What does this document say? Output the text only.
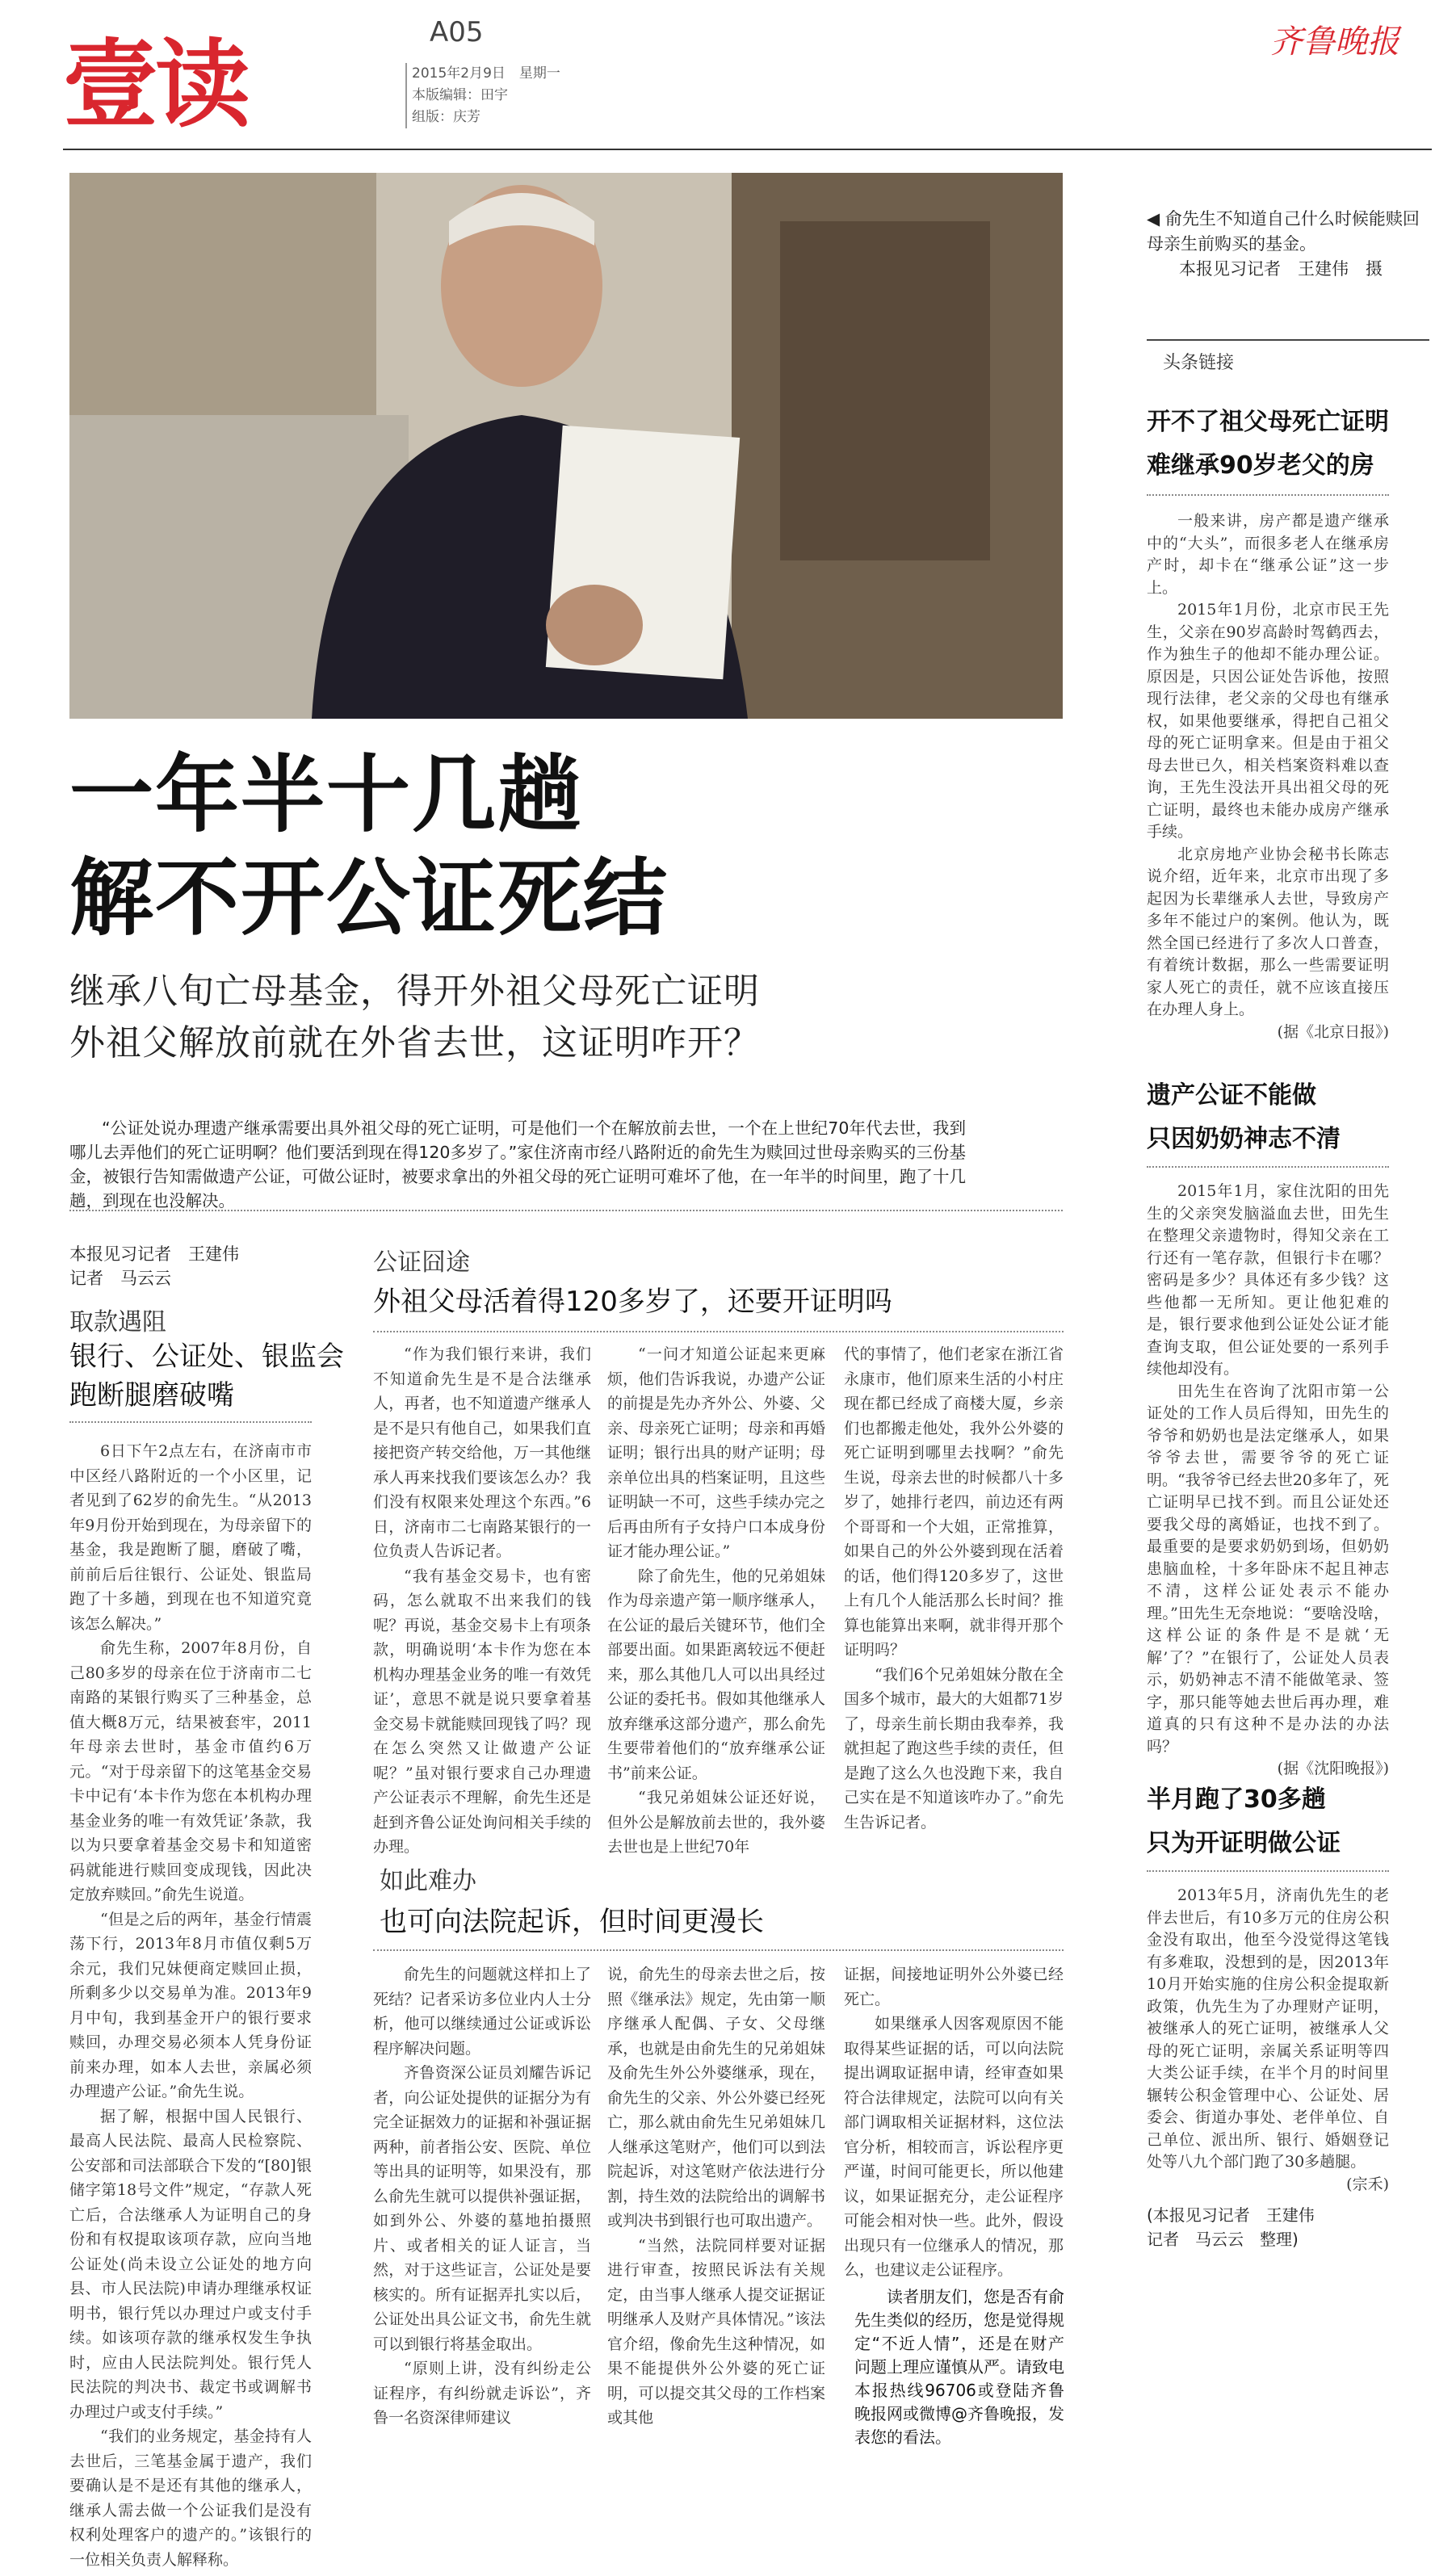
壹读	A05
2015年2月9日　星期一
本版编辑：田宇
组版：庆芳
齐鲁晚报
◀ 俞先生不知道自己什么时候能赎回母亲生前购买的基金。
本报见习记者　王建伟　摄
一年半十几趟
解不开公证死结
继承八旬亡母基金，得开外祖父母死亡证明
外祖父解放前就在外省去世，这证明咋开？
“公证处说办理遗产继承需要出具外祖父母的死亡证明，可是他们一个在解放前去世，一个在上世纪70年代去世，我到哪儿去弄他们的死亡证明啊？他们要活到现在得120多岁了。”家住济南市经八路附近的俞先生为赎回过世母亲购买的三份基金，被银行告知需做遗产公证，可做公证时，被要求拿出的外祖父母的死亡证明可难坏了他，在一年半的时间里，跑了十几趟，到现在也没解决。
本报见习记者　王建伟
记者　马云云
取款遇阻
银行、公证处、银监会
跑断腿磨破嘴

6日下午2点左右，在济南市市中区经八路附近的一个小区里，记者见到了62岁的俞先生。“从2013年9月份开始到现在，为母亲留下的基金，我是跑断了腿，磨破了嘴，前前后后往银行、公证处、银监局跑了十多趟，到现在也不知道究竟该怎么解决。”

俞先生称，2007年8月份，自己80多岁的母亲在位于济南市二七南路的某银行购买了三种基金，总值大概8万元，结果被套牢，2011年母亲去世时，基金市值约6万元。“对于母亲留下的这笔基金交易卡中记有‘本卡作为您在本机构办理基金业务的唯一有效凭证’条款，我以为只要拿着基金交易卡和知道密码就能进行赎回变成现钱，因此决定放弃赎回。”俞先生说道。

“但是之后的两年，基金行情震荡下行，2013年8月市值仅剩5万余元，我们兄妹便商定赎回止损，所剩多少以交易单为准。2013年9月中旬，我到基金开户的银行要求赎回，办理交易必须本人凭身份证前来办理，如本人去世，亲属必须办理遗产公证。”俞先生说。

据了解，根据中国人民银行、最高人民法院、最高人民检察院、公安部和司法部联合下发的“[80]银储字第18号文件”规定，“存款人死亡后，合法继承人为证明自己的身份和有权提取该项存款，应向当地公证处(尚未设立公证处的地方向县、市人民法院)申请办理继承权证明书，银行凭以办理过户或支付手续。如该项存款的继承权发生争执时，应由人民法院判处。银行凭人民法院的判决书、裁定书或调解书办理过户或支付手续。”

“我们的业务规定，基金持有人去世后，三笔基金属于遗产，我们要确认是不是还有其他的继承人，继承人需去做一个公证我们是没有权利处理客户的遗产的。”该银行的一位相关负责人解释称。

公证囧途
外祖父母活着得120多岁了，还要开证明吗

“作为我们银行来讲，我们不知道俞先生是不是合法继承人，再者，也不知道遗产继承人是不是只有他自己，如果我们直接把资产转交给他，万一其他继承人再来找我们要该怎么办？我们没有权限来处理这个东西。”6日，济南市二七南路某银行的一位负责人告诉记者。

“我有基金交易卡，也有密码，怎么就取不出来我们的钱呢？再说，基金交易卡上有项条款，明确说明‘本卡作为您在本机构办理基金业务的唯一有效凭证’，意思不就是说只要拿着基金交易卡就能赎回现钱了吗？现在怎么突然又让做遗产公证呢？”虽对银行要求自己办理遗产公证表示不理解，俞先生还是赶到齐鲁公证处询问相关手续的办理。

“一问才知道公证起来更麻烦，他们告诉我说，办遗产公证的前提是先办齐外公、外婆、父亲、母亲死亡证明；母亲和再婚证明；银行出具的财产证明；母亲单位出具的档案证明，且这些证明缺一不可，这些手续办完之后再由所有子女持户口本成身份证才能办理公证。”

除了俞先生，他的兄弟姐妹作为母亲遗产第一顺序继承人，在公证的最后关键环节，他们全部要出面。如果距离较远不便赶来，那么其他几人可以出具经过公证的委托书。假如其他继承人放弃继承这部分遗产，那么俞先生要带着他们的“放弃继承公证书”前来公证。

“我兄弟姐妹公证还好说，但外公是解放前去世的，我外婆去世也是上世纪70年

代的事情了，他们老家在浙江省永康市，他们原来生活的小村庄现在都已经成了商楼大厦，乡亲们也都搬走他处，我外公外婆的死亡证明到哪里去找啊？”俞先生说，母亲去世的时候都八十多岁了，她排行老四，前边还有两个哥哥和一个大姐，正常推算，如果自己的外公外婆到现在活着的话，他们得120多岁了，这世上有几个人能活那么长时间？推算也能算出来啊，就非得开那个证明吗？

“我们6个兄弟姐妹分散在全国多个城市，最大的大姐都71岁了，母亲生前长期由我奉养，我就担起了跑这些手续的责任，但是跑了这么久也没跑下来，我自己实在是不知道该咋办了。”俞先生告诉记者。

如此难办
也可向法院起诉，但时间更漫长

俞先生的问题就这样扣上了死结？记者采访多位业内人士分析，他可以继续通过公证或诉讼程序解决问题。

齐鲁资深公证员刘耀告诉记者，向公证处提供的证据分为有完全证据效力的证据和补强证据两种，前者指公安、医院、单位等出具的证明等，如果没有，那么俞先生就可以提供补强证据，如到外公、外婆的墓地拍摄照片、或者相关的证人证言，当然，对于这些证言，公证处是要核实的。所有证据弄扎实以后，公证处出具公证文书，俞先生就可以到银行将基金取出。

“原则上讲，没有纠纷走公证程序，有纠纷就走诉讼”，齐鲁一名资深律师建议

说，俞先生的母亲去世之后，按照《继承法》规定，先由第一顺序继承人配偶、子女、父母继承，也就是由俞先生的兄弟姐妹及俞先生外公外婆继承，现在，俞先生的父亲、外公外婆已经死亡，那么就由俞先生兄弟姐妹几人继承这笔财产，他们可以到法院起诉，对这笔财产依法进行分割，持生效的法院给出的调解书或判决书到银行也可取出遗产。

“当然，法院同样要对证据进行审查，按照民诉法有关规定，由当事人继承人提交证据证明继承人及财产具体情况。”该法官介绍，像俞先生这种情况，如果不能提供外公外婆的死亡证明，可以提交其父母的工作档案或其他

证据，间接地证明外公外婆已经死亡。

如果继承人因客观原因不能取得某些证据的话，可以向法院提出调取证据申请，经审查如果符合法律规定，法院可以向有关部门调取相关证据材料，这位法官分析，相较而言，诉讼程序更严谨，时间可能更长，所以他建议，如果证据充分，走公证程序可能会相对快一些。此外，假设出现只有一位继承人的情况，那么，也建议走公证程序。

读者朋友们，您是否有俞先生类似的经历，您是觉得规定“不近人情”，还是在财产问题上理应谨慎从严。请致电本报热线96706或登陆齐鲁晚报网或微博@齐鲁晚报，发表您的看法。
头条链接
开不了祖父母死亡证明
难继承90岁老父的房

一般来讲，房产都是遗产继承中的“大头”，而很多老人在继承房产时，却卡在“继承公证”这一步上。

2015年1月份，北京市民王先生，父亲在90岁高龄时驾鹤西去，作为独生子的他却不能办理公证。原因是，只因公证处告诉他，按照现行法律，老父亲的父母也有继承权，如果他要继承，得把自己祖父母的死亡证明拿来。但是由于祖父母去世已久，相关档案资料难以查询，王先生没法开具出祖父母的死亡证明，最终也未能办成房产继承手续。

北京房地产业协会秘书长陈志说介绍，近年来，北京市出现了多起因为长辈继承人去世，导致房产多年不能过户的案例。他认为，既然全国已经进行了多次人口普查，有着统计数据，那么一些需要证明家人死亡的责任，就不应该直接压在办理人身上。

(据《北京日报》)
遗产公证不能做
只因奶奶神志不清

2015年1月，家住沈阳的田先生的父亲突发脑溢血去世，田先生在整理父亲遗物时，得知父亲在工行还有一笔存款，但银行卡在哪？密码是多少？具体还有多少钱？这些他都一无所知。更让他犯难的是，银行要求他到公证处公证才能查询支取，但公证处要的一系列手续他却没有。

田先生在咨询了沈阳市第一公证处的工作人员后得知，田先生的爷爷和奶奶也是法定继承人，如果爷爷去世，需要爷爷的死亡证明。“我爷爷已经去世20多年了，死亡证明早已找不到。而且公证处还要我父母的离婚证，也找不到了。最重要的是要求奶奶到场，但奶奶患脑血栓，十多年卧床不起且神志不清，这样公证处表示不能办理。”田先生无奈地说：“要啥没啥，这样公证的条件是不是就‘无解’了？”在银行了，公证处人员表示，奶奶神志不清不能做笔录、签字，那只能等她去世后再办理，难道真的只有这种不是办法的办法吗？

(据《沈阳晚报》)
半月跑了30多趟
只为开证明做公证

2013年5月，济南仇先生的老伴去世后，有10多万元的住房公积金没有取出，他至今没觉得这笔钱有多难取，没想到的是，因2013年10月开始实施的住房公积金提取新政策，仇先生为了办理财产证明，被继承人的死亡证明，被继承人父母的死亡证明，亲属关系证明等四大类公证手续，在半个月的时间里辗转公积金管理中心、公证处、居委会、街道办事处、老伴单位、自己单位、派出所、银行、婚姻登记处等八九个部门跑了30多趟腿。

(宗禾)
(本报见习记者　王建伟
记者　马云云　整理)
